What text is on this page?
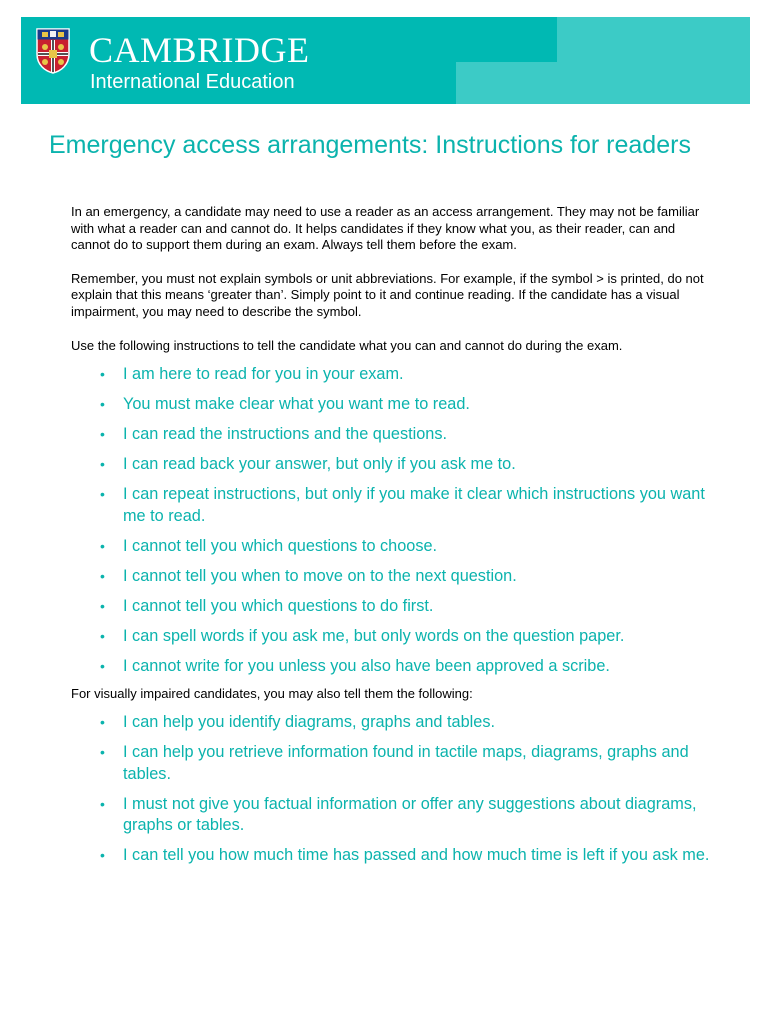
CAMBRIDGE
International Education
Emergency access arrangements: Instructions for readers

In an emergency, a candidate may need to use a reader as an access arrangement. They may not be familiar with what a reader can and cannot do. It helps candidates if they know what you, as their reader, can and cannot do to support them during an exam. Always tell them before the exam.

Remember, you must not explain symbols or unit abbreviations. For example, if the symbol > is printed, do not explain that this means ‘greater than’. Simply point to it and continue reading. If the candidate has a visual impairment, you may need to describe the symbol.

Use the following instructions to tell the candidate what you can and cannot do during the exam.

• I am here to read for you in your exam.
• You must make clear what you want me to read.
• I can read the instructions and the questions.
• I can read back your answer, but only if you ask me to.
• I can repeat instructions, but only if you make it clear which instructions you want me to read.
• I cannot tell you which questions to choose.
• I cannot tell you when to move on to the next question.
• I cannot tell you which questions to do first.
• I can spell words if you ask me, but only words on the question paper.
• I cannot write for you unless you also have been approved a scribe.

For visually impaired candidates, you may also tell them the following:

• I can help you identify diagrams, graphs and tables.
• I can help you retrieve information found in tactile maps, diagrams, graphs and tables.
• I must not give you factual information or offer any suggestions about diagrams, graphs or tables.
• I can tell you how much time has passed and how much time is left if you ask me.
